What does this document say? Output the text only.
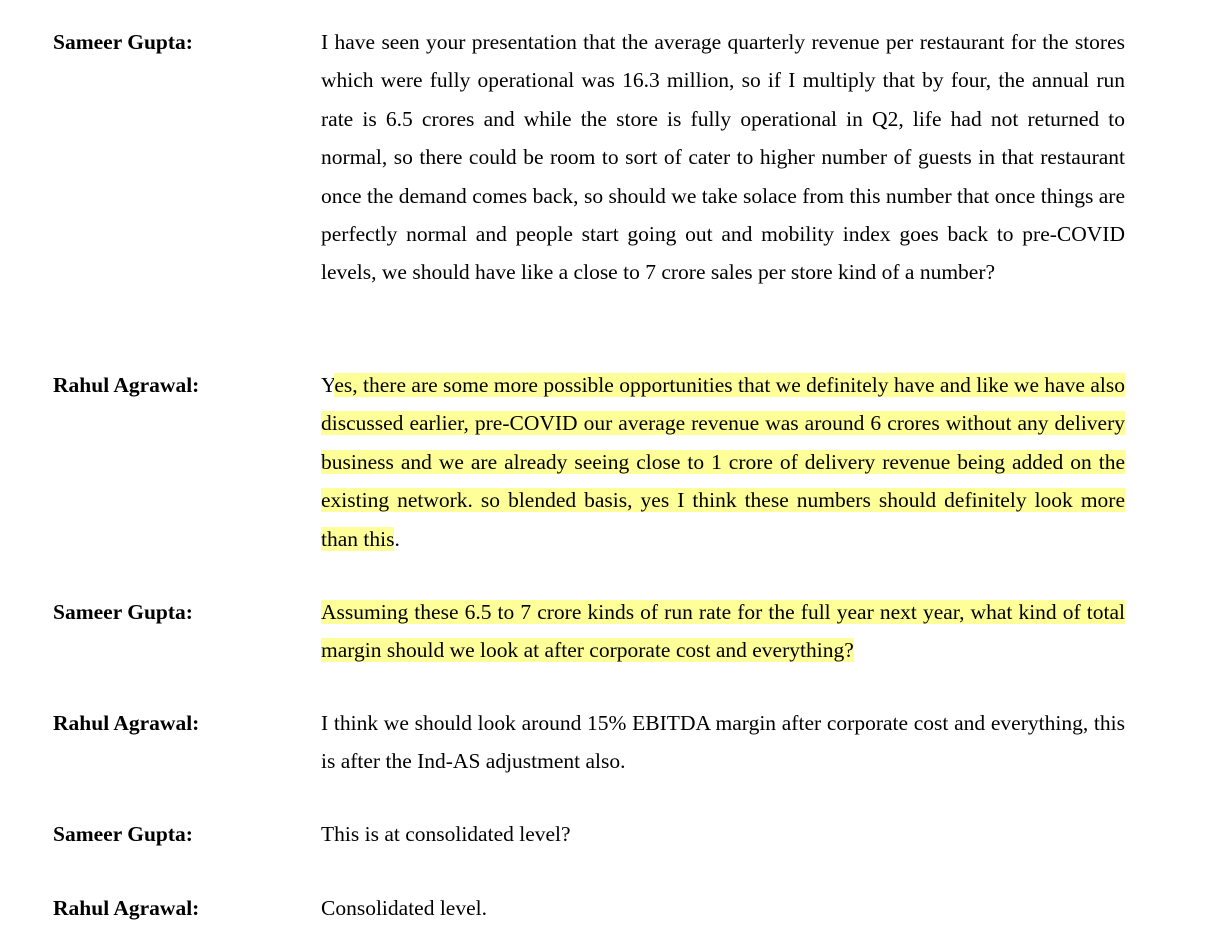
Sameer Gupta:	I have seen your presentation that the average quarterly revenue per restaurant for the stores which were fully operational was 16.3 million, so if I multiply that by four, the annual run rate is 6.5 crores and while the store is fully operational in Q2, life had not returned to normal, so there could be room to sort of cater to higher number of guests in that restaurant once the demand comes back, so should we take solace from this number that once things are perfectly normal and people start going out and mobility index goes back to pre-COVID levels, we should have like a close to 7 crore sales per store kind of a number?
Rahul Agrawal:	Yes, there are some more possible opportunities that we definitely have and like we have also discussed earlier, pre-COVID our average revenue was around 6 crores without any delivery business and we are already seeing close to 1 crore of delivery revenue being added on the existing network. so blended basis, yes I think these numbers should definitely look more than this.
Sameer Gupta:	Assuming these 6.5 to 7 crore kinds of run rate for the full year next year, what kind of total margin should we look at after corporate cost and everything?
Rahul Agrawal:	I think we should look around 15% EBITDA margin after corporate cost and everything, this is after the Ind-AS adjustment also.
Sameer Gupta:	This is at consolidated level?
Rahul Agrawal:	Consolidated level.
